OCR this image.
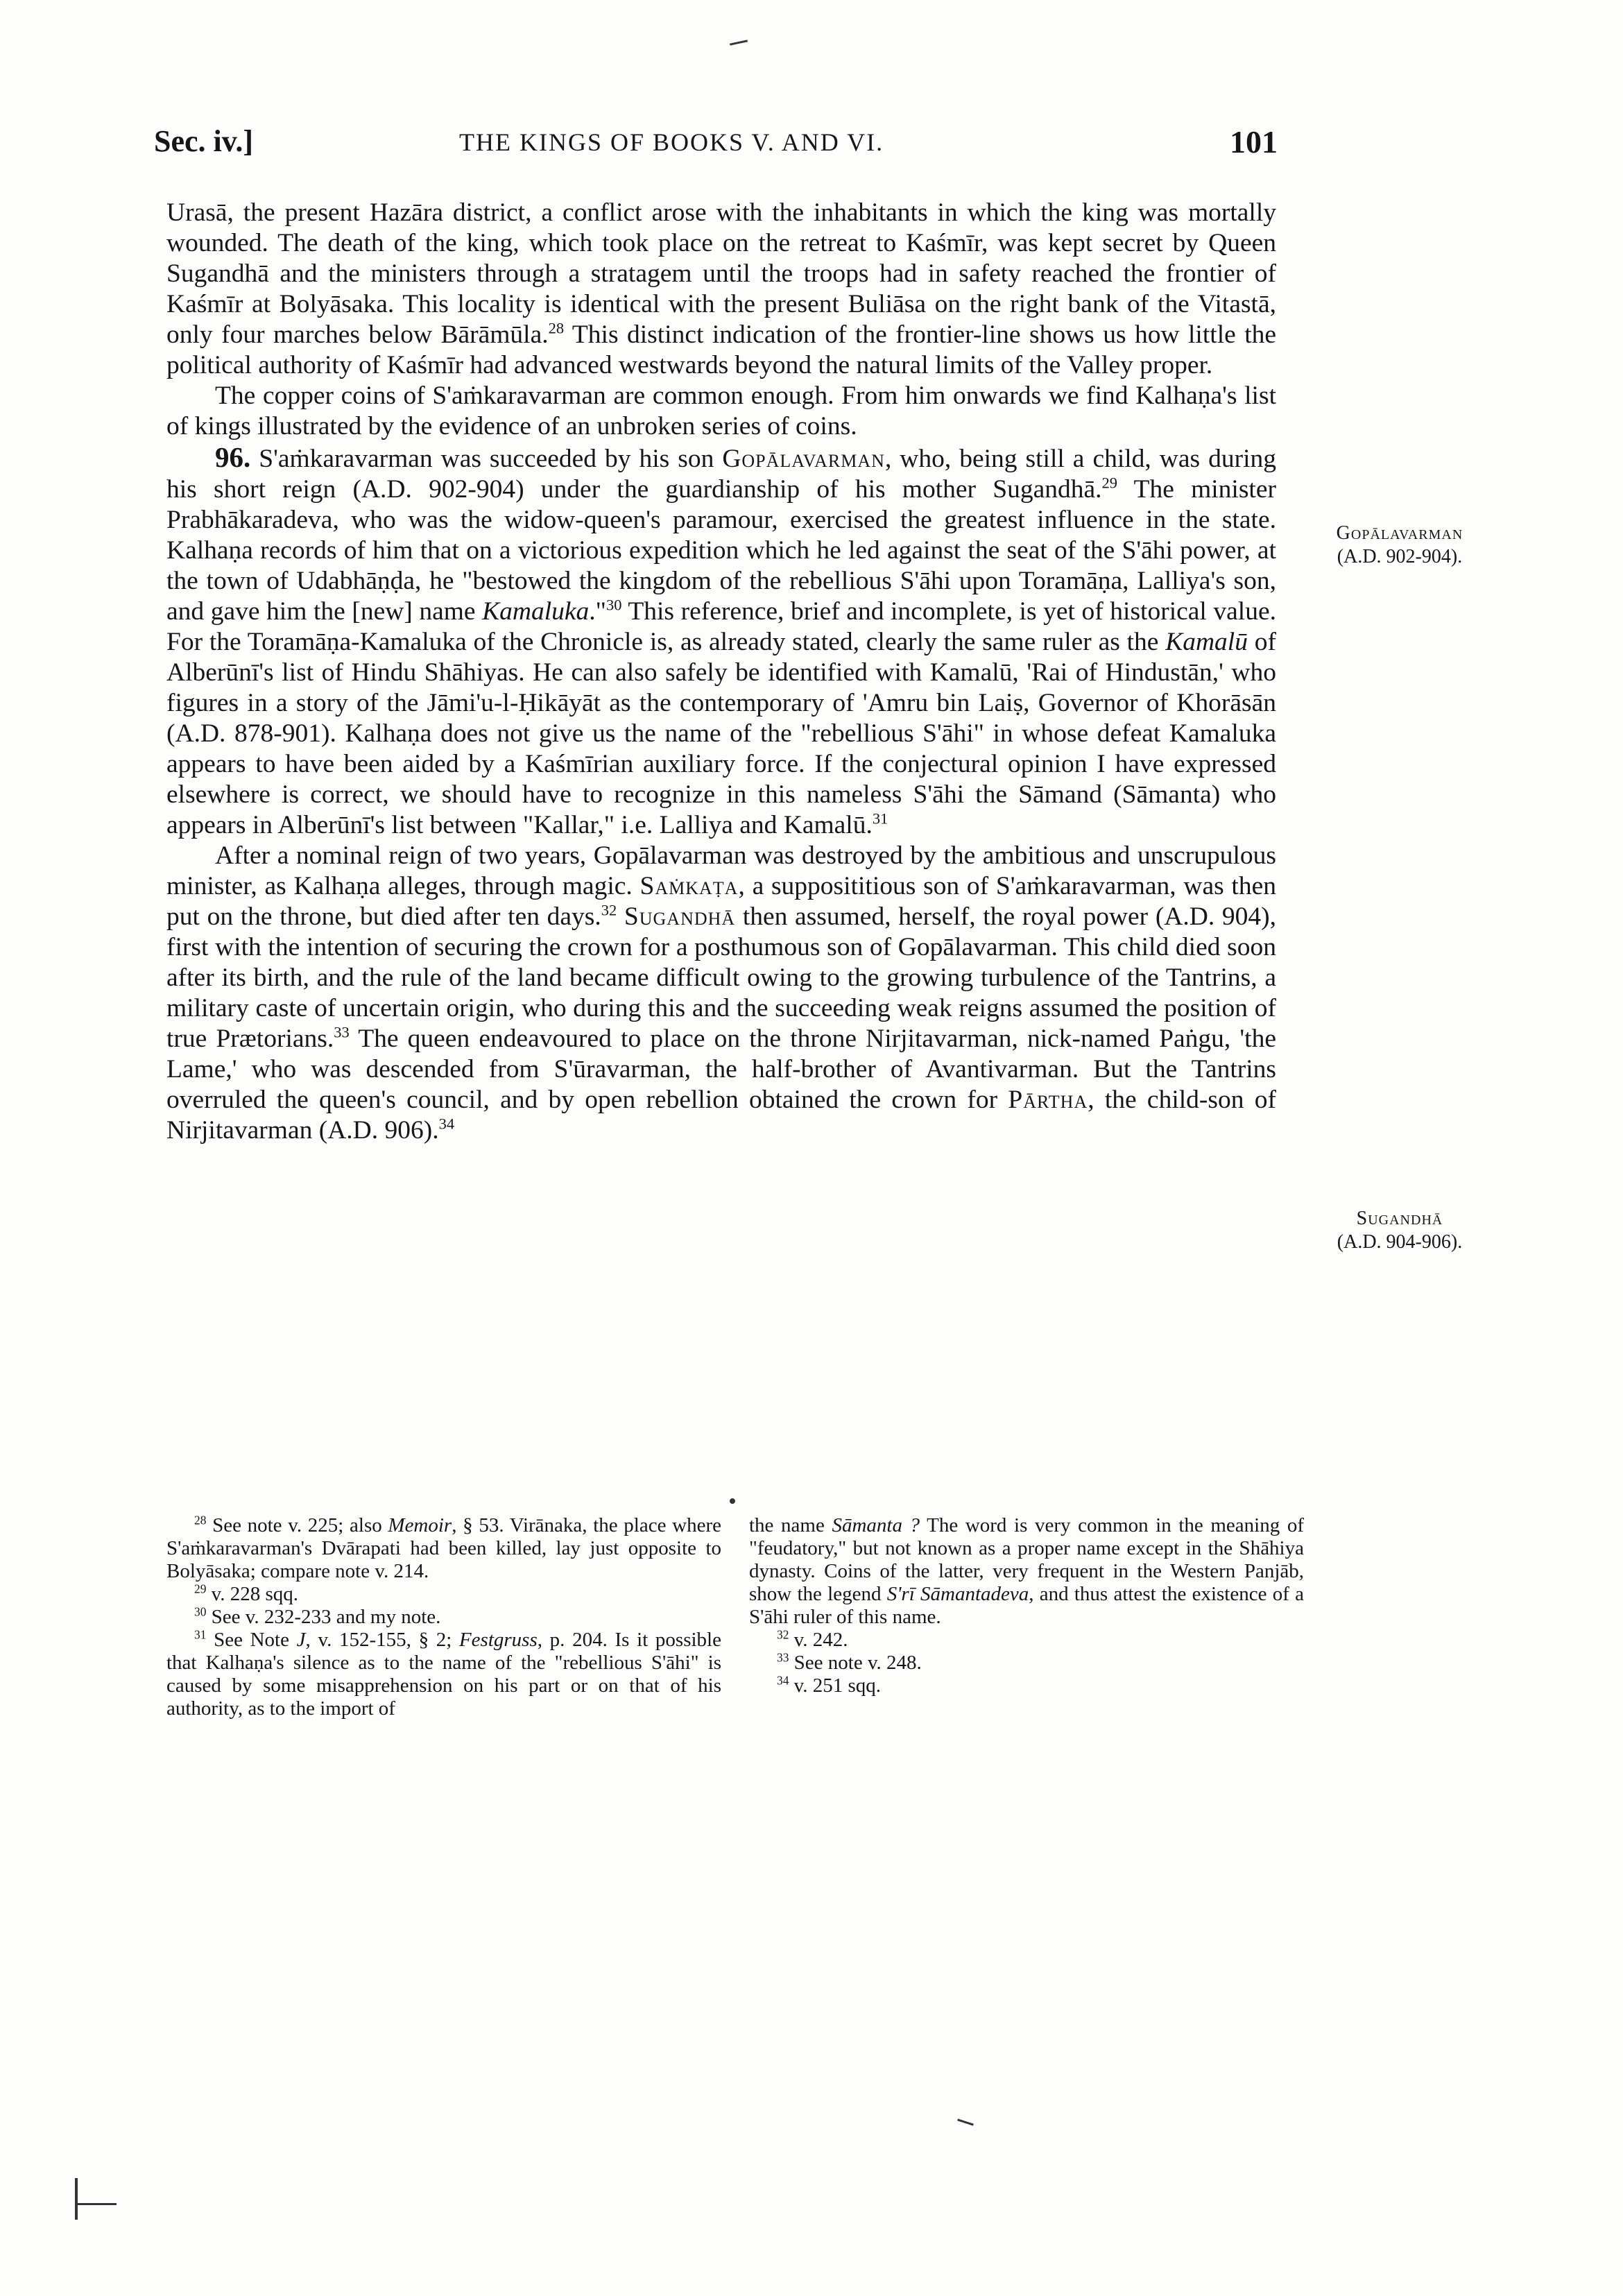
Sec. iv.]	THE KINGS OF BOOKS V. AND VI.	101

Urasā, the present Hazāra district, a conflict arose with the inhabitants in which the king was mortally wounded. The death of the king, which took place on the retreat to Kaśmīr, was kept secret by Queen Sugandhā and the ministers through a stratagem until the troops had in safety reached the frontier of Kaśmīr at Bolyāsaka. This locality is identical with the present Buliāsa on the right bank of the Vitastā, only four marches below Bārāmūla.$^{28}$ This distinct indication of the frontier-line shows us how little the political authority of Kaśmīr had advanced westwards beyond the natural limits of the Valley proper.

The copper coins of S'aṁkaravarman are common enough. From him onwards we find Kalhaṇa's list of kings illustrated by the evidence of an unbroken series of coins.

96. S'aṁkaravarman was succeeded by his son Gopālavarman, who, being still a child, was during his short reign (A.D. 902-904) under the guardianship of his mother Sugandhā.$^{29}$ The minister Prabhākaradeva, who was the widow-queen's paramour, exercised the greatest influence in the state. Kalhaṇa records of him that on a victorious expedition which he led against the seat of the S'āhi power, at the town of Udabhāṇḍa, he "bestowed the kingdom of the rebellious S'āhi upon Toramāṇa, Lalliya's son, and gave him the [new] name Kamaluka."$^{30}$ This reference, brief and incomplete, is yet of historical value. For the Toramāṇa-Kamaluka of the Chronicle is, as already stated, clearly the same ruler as the Kamalū of Alberūnī's list of Hindu Shāhiyas. He can also safely be identified with Kamalū, 'Rai of Hindustān,' who figures in a story of the Jāmi'u-l-Ḥikāyāt as the contemporary of 'Amru bin Laiṣ, Governor of Khorāsān (A.D. 878-901). Kalhaṇa does not give us the name of the "rebellious S'āhi" in whose defeat Kamaluka appears to have been aided by a Kaśmīrian auxiliary force. If the conjectural opinion I have expressed elsewhere is correct, we should have to recognize in this nameless S'āhi the Sāmand (Sāmanta) who appears in Alberūnī's list between "Kallar," i.e. Lalliya and Kamalū.$^{31}$

After a nominal reign of two years, Gopālavarman was destroyed by the ambitious and unscrupulous minister, as Kalhaṇa alleges, through magic. Saṁkaṭa, a supposititious son of S'aṁkaravarman, was then put on the throne, but died after ten days.$^{32}$ Sugandhā then assumed, herself, the royal power (A.D. 904), first with the intention of securing the crown for a posthumous son of Gopālavarman. This child died soon after its birth, and the rule of the land became difficult owing to the growing turbulence of the Tantrins, a military caste of uncertain origin, who during this and the succeeding weak reigns assumed the position of true Prætorians.$^{33}$ The queen endeavoured to place on the throne Nirjitavarman, nick-named Paṅgu, 'the Lame,' who was descended from S'ūravarman, the half-brother of Avantivarman. But the Tantrins overruled the queen's council, and by open rebellion obtained the crown for Pārtha, the child-son of Nirjitavarman (A.D. 906).$^{34}$

Gopālavarman
(A.D. 902-904).
Sugandhā
(A.D. 904-906).

$^{28}$ See note v. 225; also Memoir, § 53. Virānaka, the place where S'aṁkaravarman's Dvārapati had been killed, lay just opposite to Bolyāsaka; compare note v. 214.

$^{29}$ v. 228 sqq.

$^{30}$ See v. 232-233 and my note.

$^{31}$ See Note J, v. 152-155, § 2; Festgruss, p. 204. Is it possible that Kalhaṇa's silence as to the name of the "rebellious S'āhi" is caused by some misapprehension on his part or on that of his authority, as to the import of

the name Sāmanta ? The word is very common in the meaning of "feudatory," but not known as a proper name except in the Shāhiya dynasty. Coins of the latter, very frequent in the Western Panjāb, show the legend S'rī Sāmantadeva, and thus attest the existence of a S'āhi ruler of this name.

$^{32}$ v. 242.

$^{33}$ See note v. 248.

$^{34}$ v. 251 sqq.
